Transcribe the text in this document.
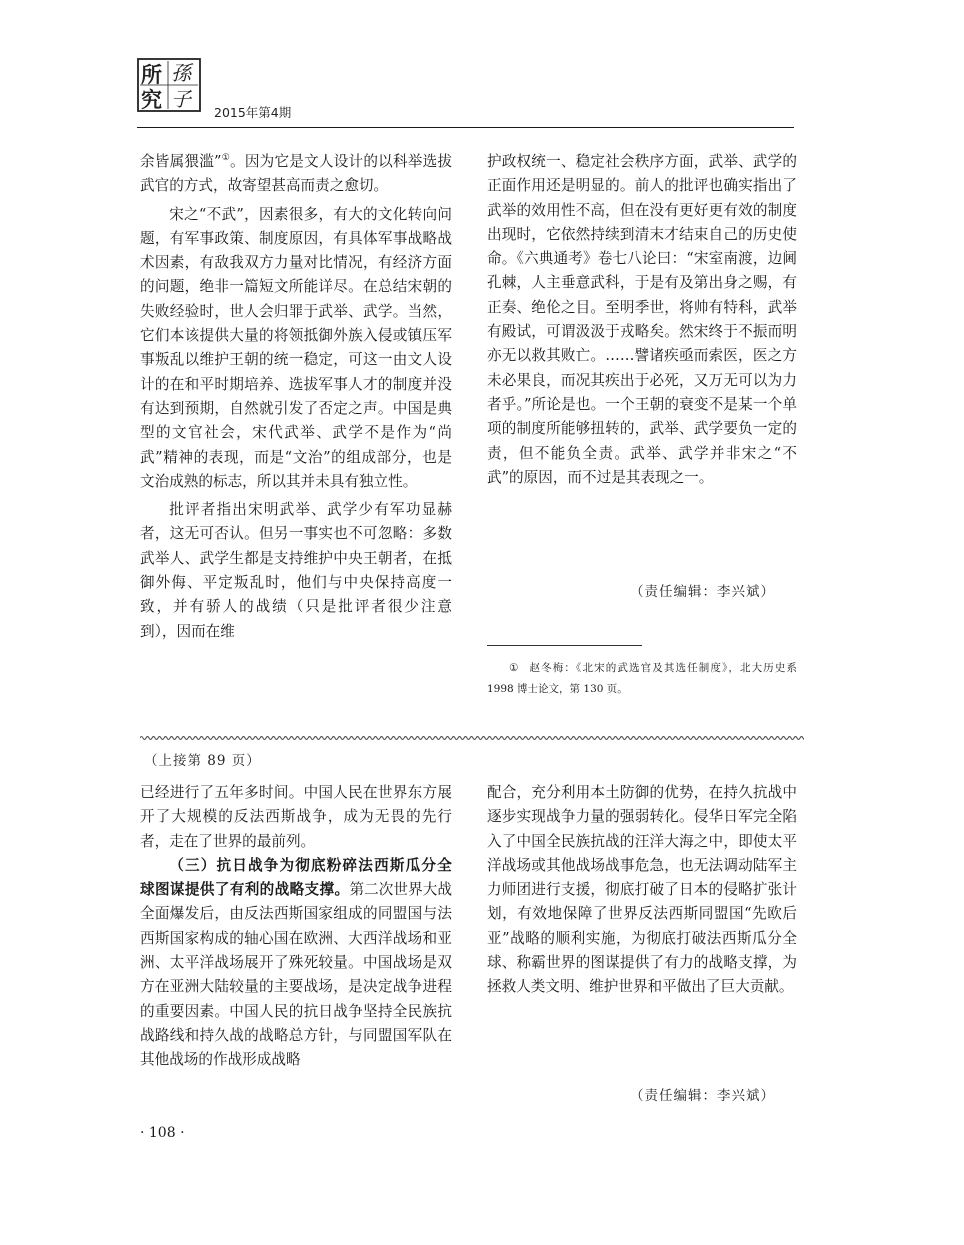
所 孫
究 子
2015年第4期

余皆属猥滥”①。因为它是文人设计的以科举选拔武官的方式，故寄望甚高而责之愈切。

宋之“不武”，因素很多，有大的文化转向问题，有军事政策、制度原因，有具体军事战略战术因素，有敌我双方力量对比情况，有经济方面的问题，绝非一篇短文所能详尽。在总结宋朝的失败经验时，世人会归罪于武举、武学。当然，它们本该提供大量的将领抵御外族入侵或镇压军事叛乱以维护王朝的统一稳定，可这一由文人设计的在和平时期培养、选拔军事人才的制度并没有达到预期，自然就引发了否定之声。中国是典型的文官社会，宋代武举、武学不是作为“尚武”精神的表现，而是“文治”的组成部分，也是文治成熟的标志，所以其并未具有独立性。

批评者指出宋明武举、武学少有军功显赫者，这无可否认。但另一事实也不可忽略：多数武举人、武学生都是支持维护中央王朝者，在抵御外侮、平定叛乱时，他们与中央保持高度一致，并有骄人的战绩（只是批评者很少注意到），因而在维

护政权统一、稳定社会秩序方面，武举、武学的正面作用还是明显的。前人的批评也确实指出了武举的效用性不高，但在没有更好更有效的制度出现时，它依然持续到清末才结束自己的历史使命。《六典通考》卷七八论曰：“宋室南渡，边阃孔棘，人主垂意武科，于是有及第出身之赐，有正奏、绝伦之目。至明季世，将帅有特科，武举有殿试，可谓汲汲于戎略矣。然宋终于不振而明亦无以救其败亡。……譬诸疾亟而索医，医之方未必果良，而况其疾出于必死，又万无可以为力者乎。”所论是也。一个王朝的衰变不是某一个单项的制度所能够扭转的，武举、武学要负一定的责，但不能负全责。武举、武学并非宋之“不武”的原因，而不过是其表现之一。

（责任编辑：李兴斌）
① 赵冬梅：《北宋的武选官及其选任制度》，北大历史系 1998 博士论文，第 130 页。
（上接第 89 页）

已经进行了五年多时间。中国人民在世界东方展开了大规模的反法西斯战争，成为无畏的先行者，走在了世界的最前列。

（三）抗日战争为彻底粉碎法西斯瓜分全球图谋提供了有利的战略支撑。第二次世界大战全面爆发后，由反法西斯国家组成的同盟国与法西斯国家构成的轴心国在欧洲、大西洋战场和亚洲、太平洋战场展开了殊死较量。中国战场是双方在亚洲大陆较量的主要战场，是决定战争进程的重要因素。中国人民的抗日战争坚持全民族抗战路线和持久战的战略总方针，与同盟国军队在其他战场的作战形成战略

配合，充分利用本土防御的优势，在持久抗战中逐步实现战争力量的强弱转化。侵华日军完全陷入了中国全民族抗战的汪洋大海之中，即使太平洋战场或其他战场战事危急，也无法调动陆军主力师团进行支援，彻底打破了日本的侵略扩张计划，有效地保障了世界反法西斯同盟国“先欧后亚”战略的顺利实施，为彻底打破法西斯瓜分全球、称霸世界的图谋提供了有力的战略支撑，为拯救人类文明、维护世界和平做出了巨大贡献。

（责任编辑：李兴斌）
· 108 ·
